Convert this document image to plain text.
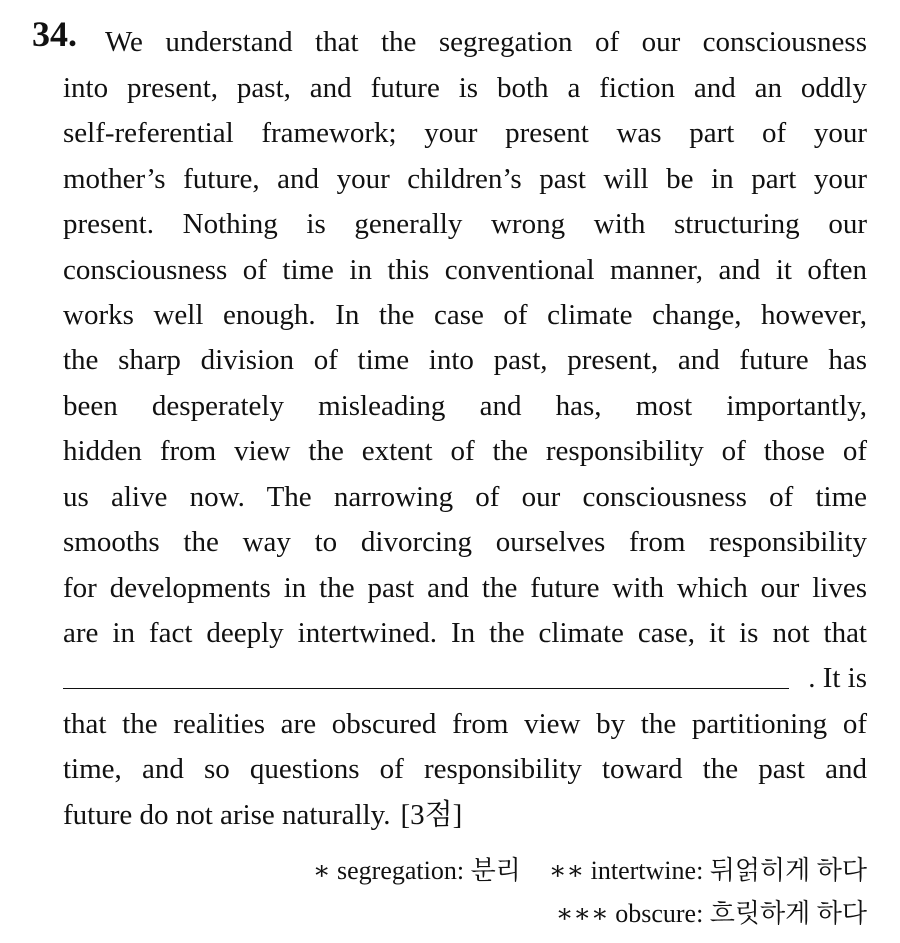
34. We understand that the segregation of our consciousness
into present, past, and future is both a fiction and an oddly
self-referential framework; your present was part of your
mother’s future, and your children’s past will be in part your
present. Nothing is generally wrong with structuring our
consciousness of time in this conventional manner, and it often
works well enough. In the case of climate change, however,
the sharp division of time into past, present, and future has
been desperately misleading and has, most importantly,
hidden from view the extent of the responsibility of those of
us alive now. The narrowing of our consciousness of time
smooths the way to divorcing ourselves from responsibility
for developments in the past and the future with which our lives
are in fact deeply intertwined. In the climate case, it is not that
. It is
that the realities are obscured from view by the partitioning of
time, and so questions of responsibility toward the past and
future do not arise naturally. [3점]
∗ segregation: 분리 ∗∗ intertwine: 뒤얽히게 하다
∗∗∗ obscure: 흐릿하게 하다
